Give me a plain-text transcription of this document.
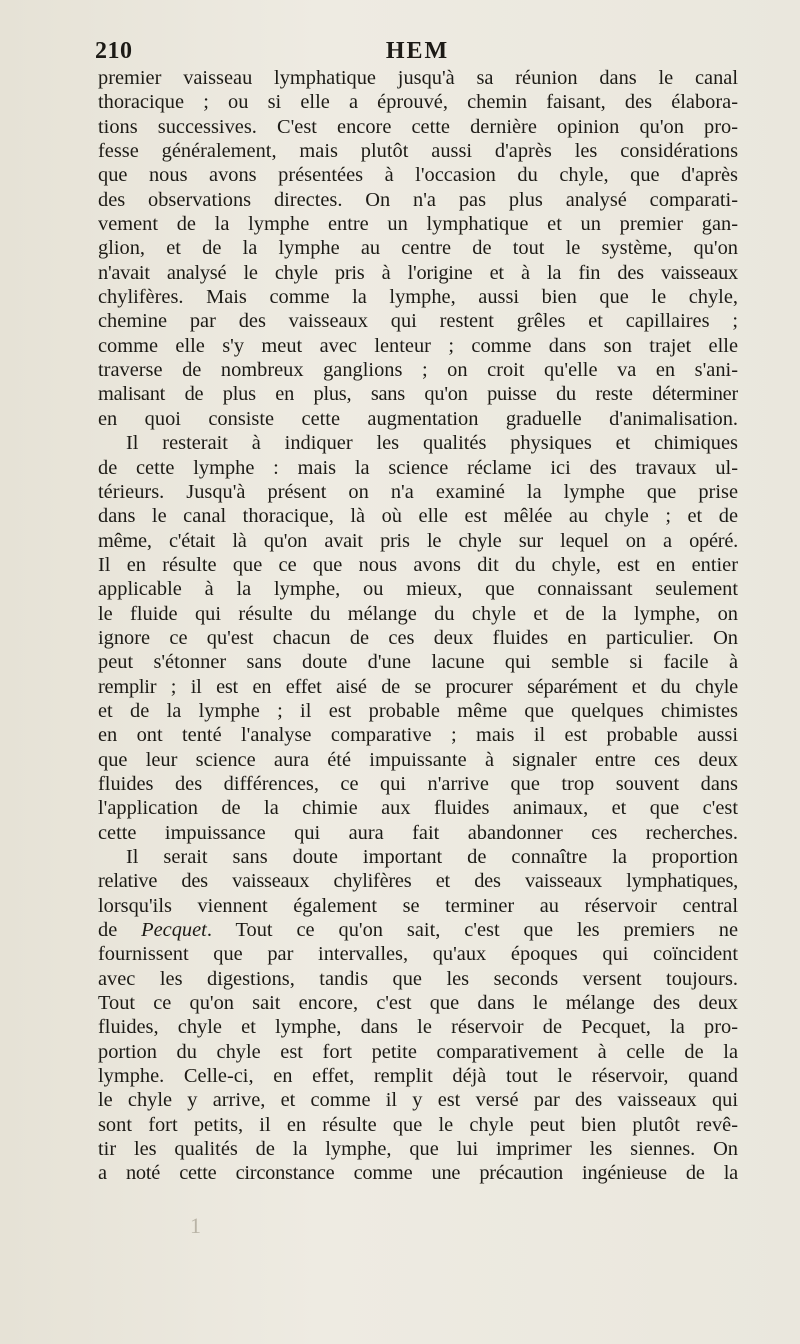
210	HEM
premier vaisseau lymphatique jusqu'à sa réunion dans le canal
thoracique ; ou si elle a éprouvé, chemin faisant, des élabora-
tions successives. C'est encore cette dernière opinion qu'on pro-
fesse généralement, mais plutôt aussi d'après les considérations
que nous avons présentées à l'occasion du chyle, que d'après
des observations directes. On n'a pas plus analysé comparati-
vement de la lymphe entre un lymphatique et un premier gan-
glion, et de la lymphe au centre de tout le système, qu'on
n'avait analysé le chyle pris à l'origine et à la fin des vaisseaux
chylifères. Mais comme la lymphe, aussi bien que le chyle,
chemine par des vaisseaux qui restent grêles et capillaires ;
comme elle s'y meut avec lenteur ; comme dans son trajet elle
traverse de nombreux ganglions ; on croit qu'elle va en s'ani-
malisant de plus en plus, sans qu'on puisse du reste déterminer
en quoi consiste cette augmentation graduelle d'animalisation.
Il resterait à indiquer les qualités physiques et chimiques
de cette lymphe : mais la science réclame ici des travaux ul-
térieurs. Jusqu'à présent on n'a examiné la lymphe que prise
dans le canal thoracique, là où elle est mêlée au chyle ; et de
même, c'était là qu'on avait pris le chyle sur lequel on a opéré.
Il en résulte que ce que nous avons dit du chyle, est en entier
applicable à la lymphe, ou mieux, que connaissant seulement
le fluide qui résulte du mélange du chyle et de la lymphe, on
ignore ce qu'est chacun de ces deux fluides en particulier. On
peut s'étonner sans doute d'une lacune qui semble si facile à
remplir ; il est en effet aisé de se procurer séparément et du chyle
et de la lymphe ; il est probable même que quelques chimistes
en ont tenté l'analyse comparative ; mais il est probable aussi
que leur science aura été impuissante à signaler entre ces deux
fluides des différences, ce qui n'arrive que trop souvent dans
l'application de la chimie aux fluides animaux, et que c'est
cette impuissance qui aura fait abandonner ces recherches.
Il serait sans doute important de connaître la proportion
relative des vaisseaux chylifères et des vaisseaux lymphatiques,
lorsqu'ils viennent également se terminer au réservoir central
de Pecquet. Tout ce qu'on sait, c'est que les premiers ne
fournissent que par intervalles, qu'aux époques qui coïncident
avec les digestions, tandis que les seconds versent toujours.
Tout ce qu'on sait encore, c'est que dans le mélange des deux
fluides, chyle et lymphe, dans le réservoir de Pecquet, la pro-
portion du chyle est fort petite comparativement à celle de la
lymphe. Celle-ci, en effet, remplit déjà tout le réservoir, quand
le chyle y arrive, et comme il y est versé par des vaisseaux qui
sont fort petits, il en résulte que le chyle peut bien plutôt revê-
tir les qualités de la lymphe, que lui imprimer les siennes. On
a noté cette circonstance comme une précaution ingénieuse de la
1
